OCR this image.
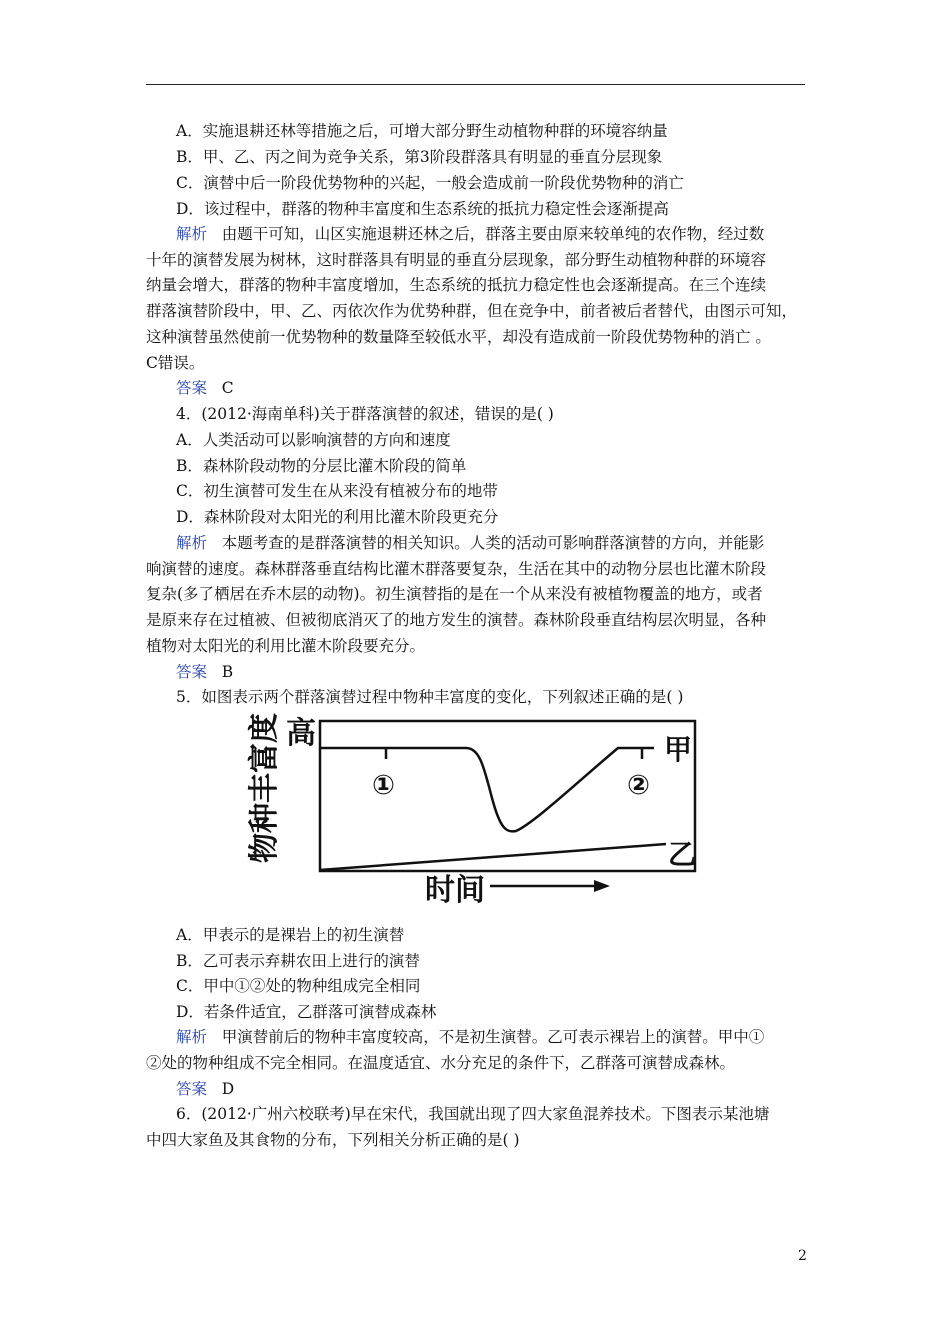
A．实施退耕还林等措施之后，可增大部分野生动植物种群的环境容纳量
B．甲、乙、丙之间为竞争关系，第3阶段群落具有明显的垂直分层现象
C．演替中后一阶段优势物种的兴起，一般会造成前一阶段优势物种的消亡
D．该过程中，群落的物种丰富度和生态系统的抵抗力稳定性会逐渐提高
解析 由题干可知，山区实施退耕还林之后，群落主要由原来较单纯的农作物，经过数
十年的演替发展为树林，这时群落具有明显的垂直分层现象，部分野生动植物种群的环境容
纳量会增大，群落的物种丰富度增加，生态系统的抵抗力稳定性也会逐渐提高。在三个连续
群落演替阶段中，甲、乙、丙依次作为优势种群，但在竞争中，前者被后者替代，由图示可知，
这种演替虽然使前一优势物种的数量降至较低水平，却没有造成前一阶段优势物种的消亡 。
C错误。
答案 C
4．(2012·海南单科)关于群落演替的叙述，错误的是( )
A．人类活动可以影响演替的方向和速度
B．森林阶段动物的分层比灌木阶段的简单
C．初生演替可发生在从来没有植被分布的地带
D．森林阶段对太阳光的利用比灌木阶段更充分
解析 本题考查的是群落演替的相关知识。人类的活动可影响群落演替的方向，并能影
响演替的速度。森林群落垂直结构比灌木群落要复杂，生活在其中的动物分层也比灌木阶段
复杂(多了栖居在乔木层的动物)。初生演替指的是在一个从来没有被植物覆盖的地方，或者
是原来存在过植被、但被彻底消灭了的地方发生的演替。森林阶段垂直结构层次明显，各种
植物对太阳光的利用比灌木阶段要充分。
答案 B
5．如图表示两个群落演替过程中物种丰富度的变化，下列叙述正确的是( )
物种丰富度 高
①	②
甲
乙
时间
A．甲表示的是裸岩上的初生演替
B．乙可表示弃耕农田上进行的演替
C．甲中①②处的物种组成完全相同
D．若条件适宜，乙群落可演替成森林
解析 甲演替前后的物种丰富度较高，不是初生演替。乙可表示裸岩上的演替。甲中①
②处的物种组成不完全相同。在温度适宜、水分充足的条件下，乙群落可演替成森林。
答案 D
6．(2012·广州六校联考)早在宋代，我国就出现了四大家鱼混养技术。下图表示某池塘
中四大家鱼及其食物的分布，下列相关分析正确的是( )
2
